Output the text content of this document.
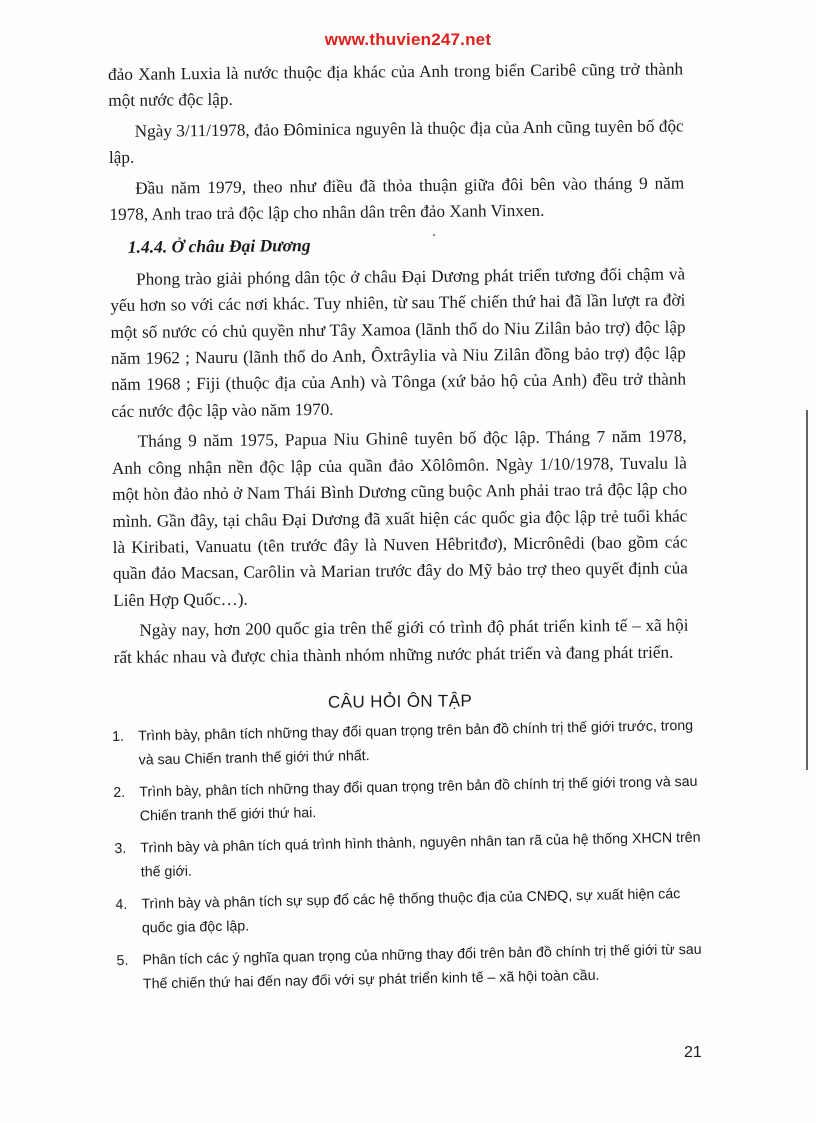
www.thuvien247.net

đảo Xanh Luxia là nước thuộc địa khác của Anh trong biển Caribê cũng trở thành một nước độc lập.

Ngày 3/11/1978, đảo Đôminica nguyên là thuộc địa của Anh cũng tuyên bố độc lập.

Đầu năm 1979, theo như điều đã thỏa thuận giữa đôi bên vào tháng 9 năm 1978, Anh trao trả độc lập cho nhân dân trên đảo Xanh Vinxen.

1.4.4. Ở châu Đại Dương

Phong trào giải phóng dân tộc ở châu Đại Dương phát triển tương đối chậm và yếu hơn so với các nơi khác. Tuy nhiên, từ sau Thế chiến thứ hai đã lần lượt ra đời một số nước có chủ quyền như Tây Xamoa (lãnh thổ do Niu Zilân bảo trợ) độc lập năm 1962 ; Nauru (lãnh thổ do Anh, Ôxtrâylia và Niu Zilân đồng bảo trợ) độc lập năm 1968 ; Fiji (thuộc địa của Anh) và Tônga (xứ bảo hộ của Anh) đều trở thành các nước độc lập vào năm 1970.

Tháng 9 năm 1975, Papua Niu Ghinê tuyên bố độc lập. Tháng 7 năm 1978, Anh công nhận nền độc lập của quần đảo Xôlômôn. Ngày 1/10/1978, Tuvalu là một hòn đảo nhỏ ở Nam Thái Bình Dương cũng buộc Anh phải trao trả độc lập cho mình. Gần đây, tại châu Đại Dương đã xuất hiện các quốc gia độc lập trẻ tuổi khác là Kiribati, Vanuatu (tên trước đây là Nuven Hêbritđơ), Micrônêdi (bao gồm các quần đảo Macsan, Carôlin và Marian trước đây do Mỹ bảo trợ theo quyết định của Liên Hợp Quốc…).

Ngày nay, hơn 200 quốc gia trên thế giới có trình độ phát triển kinh tế – xã hội rất khác nhau và được chia thành nhóm những nước phát triển và đang phát triển.

CÂU HỎI ÔN TẬP
1. Trình bày, phân tích những thay đổi quan trọng trên bản đồ chính trị thế giới trước, trong và sau Chiến tranh thế giới thứ nhất.
2. Trình bày, phân tích những thay đổi quan trọng trên bản đồ chính trị thế giới trong và sau Chiến tranh thế giới thứ hai.
3. Trình bày và phân tích quá trình hình thành, nguyên nhân tan rã của hệ thống XHCN trên thế giới.
4. Trình bày và phân tích sự sụp đổ các hệ thống thuộc địa của CNĐQ, sự xuất hiện các quốc gia độc lập.
5. Phân tích các ý nghĩa quan trọng của những thay đổi trên bản đồ chính trị thế giới từ sau Thế chiến thứ hai đến nay đối với sự phát triển kinh tế – xã hội toàn cầu.
21
